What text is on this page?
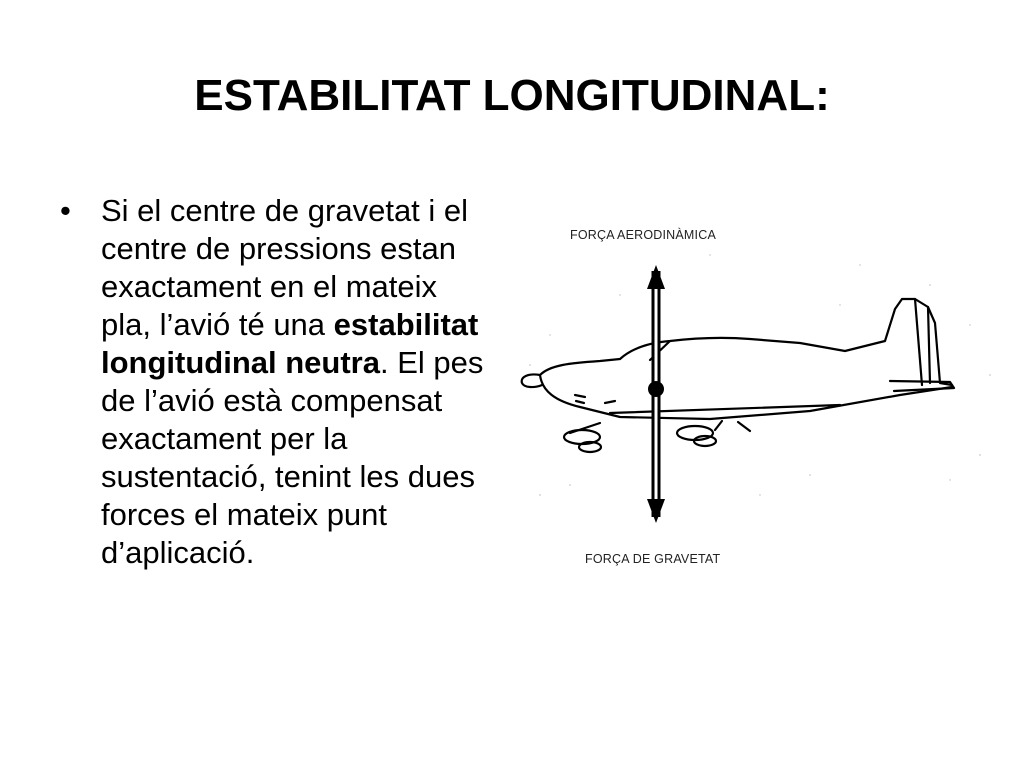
ESTABILITAT LONGITUDINAL:
• Si el centre de gravetat i el centre de pressions estan exactament en el mateix pla, l’avió té una estabilitat longitudinal neutra. El pes de l’avió està compensat exactament per la sustentació, tenint les dues forces el mateix punt d’aplicació.
FORÇA AERODINÀMICA
FORÇA DE GRAVETAT
